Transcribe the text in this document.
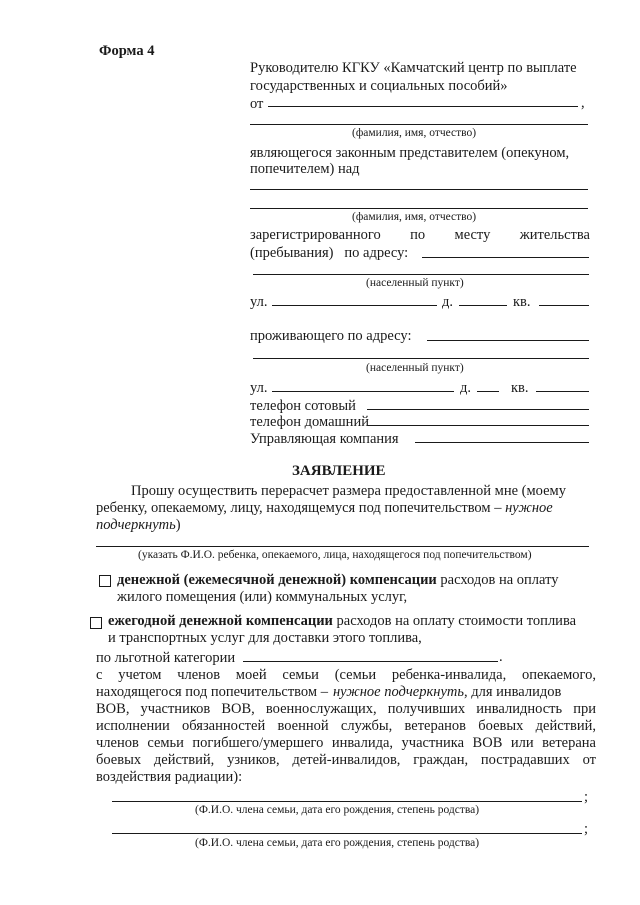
Форма 4
Руководителю КГКУ «Камчатский центр по выплате
государственных и социальных пособий»
от	,
(фамилия, имя, отчество)
являющегося законным представителем (опекуном,
попечителем) над
(фамилия, имя, отчество)
зарегистрированного по месту жительства
(пребывания)   по адресу:
(населенный пункт)
ул.	д.	кв.
проживающего по адресу:
(населенный пункт)
ул.	д.	кв.
телефон сотовый
телефон домашний
Управляющая компания
ЗАЯВЛЕНИЕ
Прошу осуществить перерасчет размера предоставленной мне (моему
ребенку, опекаемому, лицу, находящемуся под попечительством – нужное
подчеркнуть)
(указать Ф.И.О. ребенка, опекаемого, лица, находящегося под попечительством)
денежной (ежемесячной денежной) компенсации расходов на оплату
жилого помещения (или) коммунальных услуг,
ежегодной денежной компенсации расходов на оплату стоимости топлива
и транспортных услуг для доставки этого топлива,
по льготной категории	.
с учетом членов моей семьи (семьи ребенка-инвалида, опекаемого,
находящегося под попечительством – нужное подчеркнуть , для инвалидов
ВОВ, участников ВОВ, военнослужащих, получивших инвалидность при
исполнении обязанностей военной службы, ветеранов боевых действий,
членов семьи погибшего/умершего инвалида, участника ВОВ или ветерана
боевых действий, узников, детей-инвалидов, граждан, пострадавших от
воздействия радиации):
;
(Ф.И.О. члена семьи, дата его рождения, степень родства)
;
(Ф.И.О. члена семьи, дата его рождения, степень родства)
